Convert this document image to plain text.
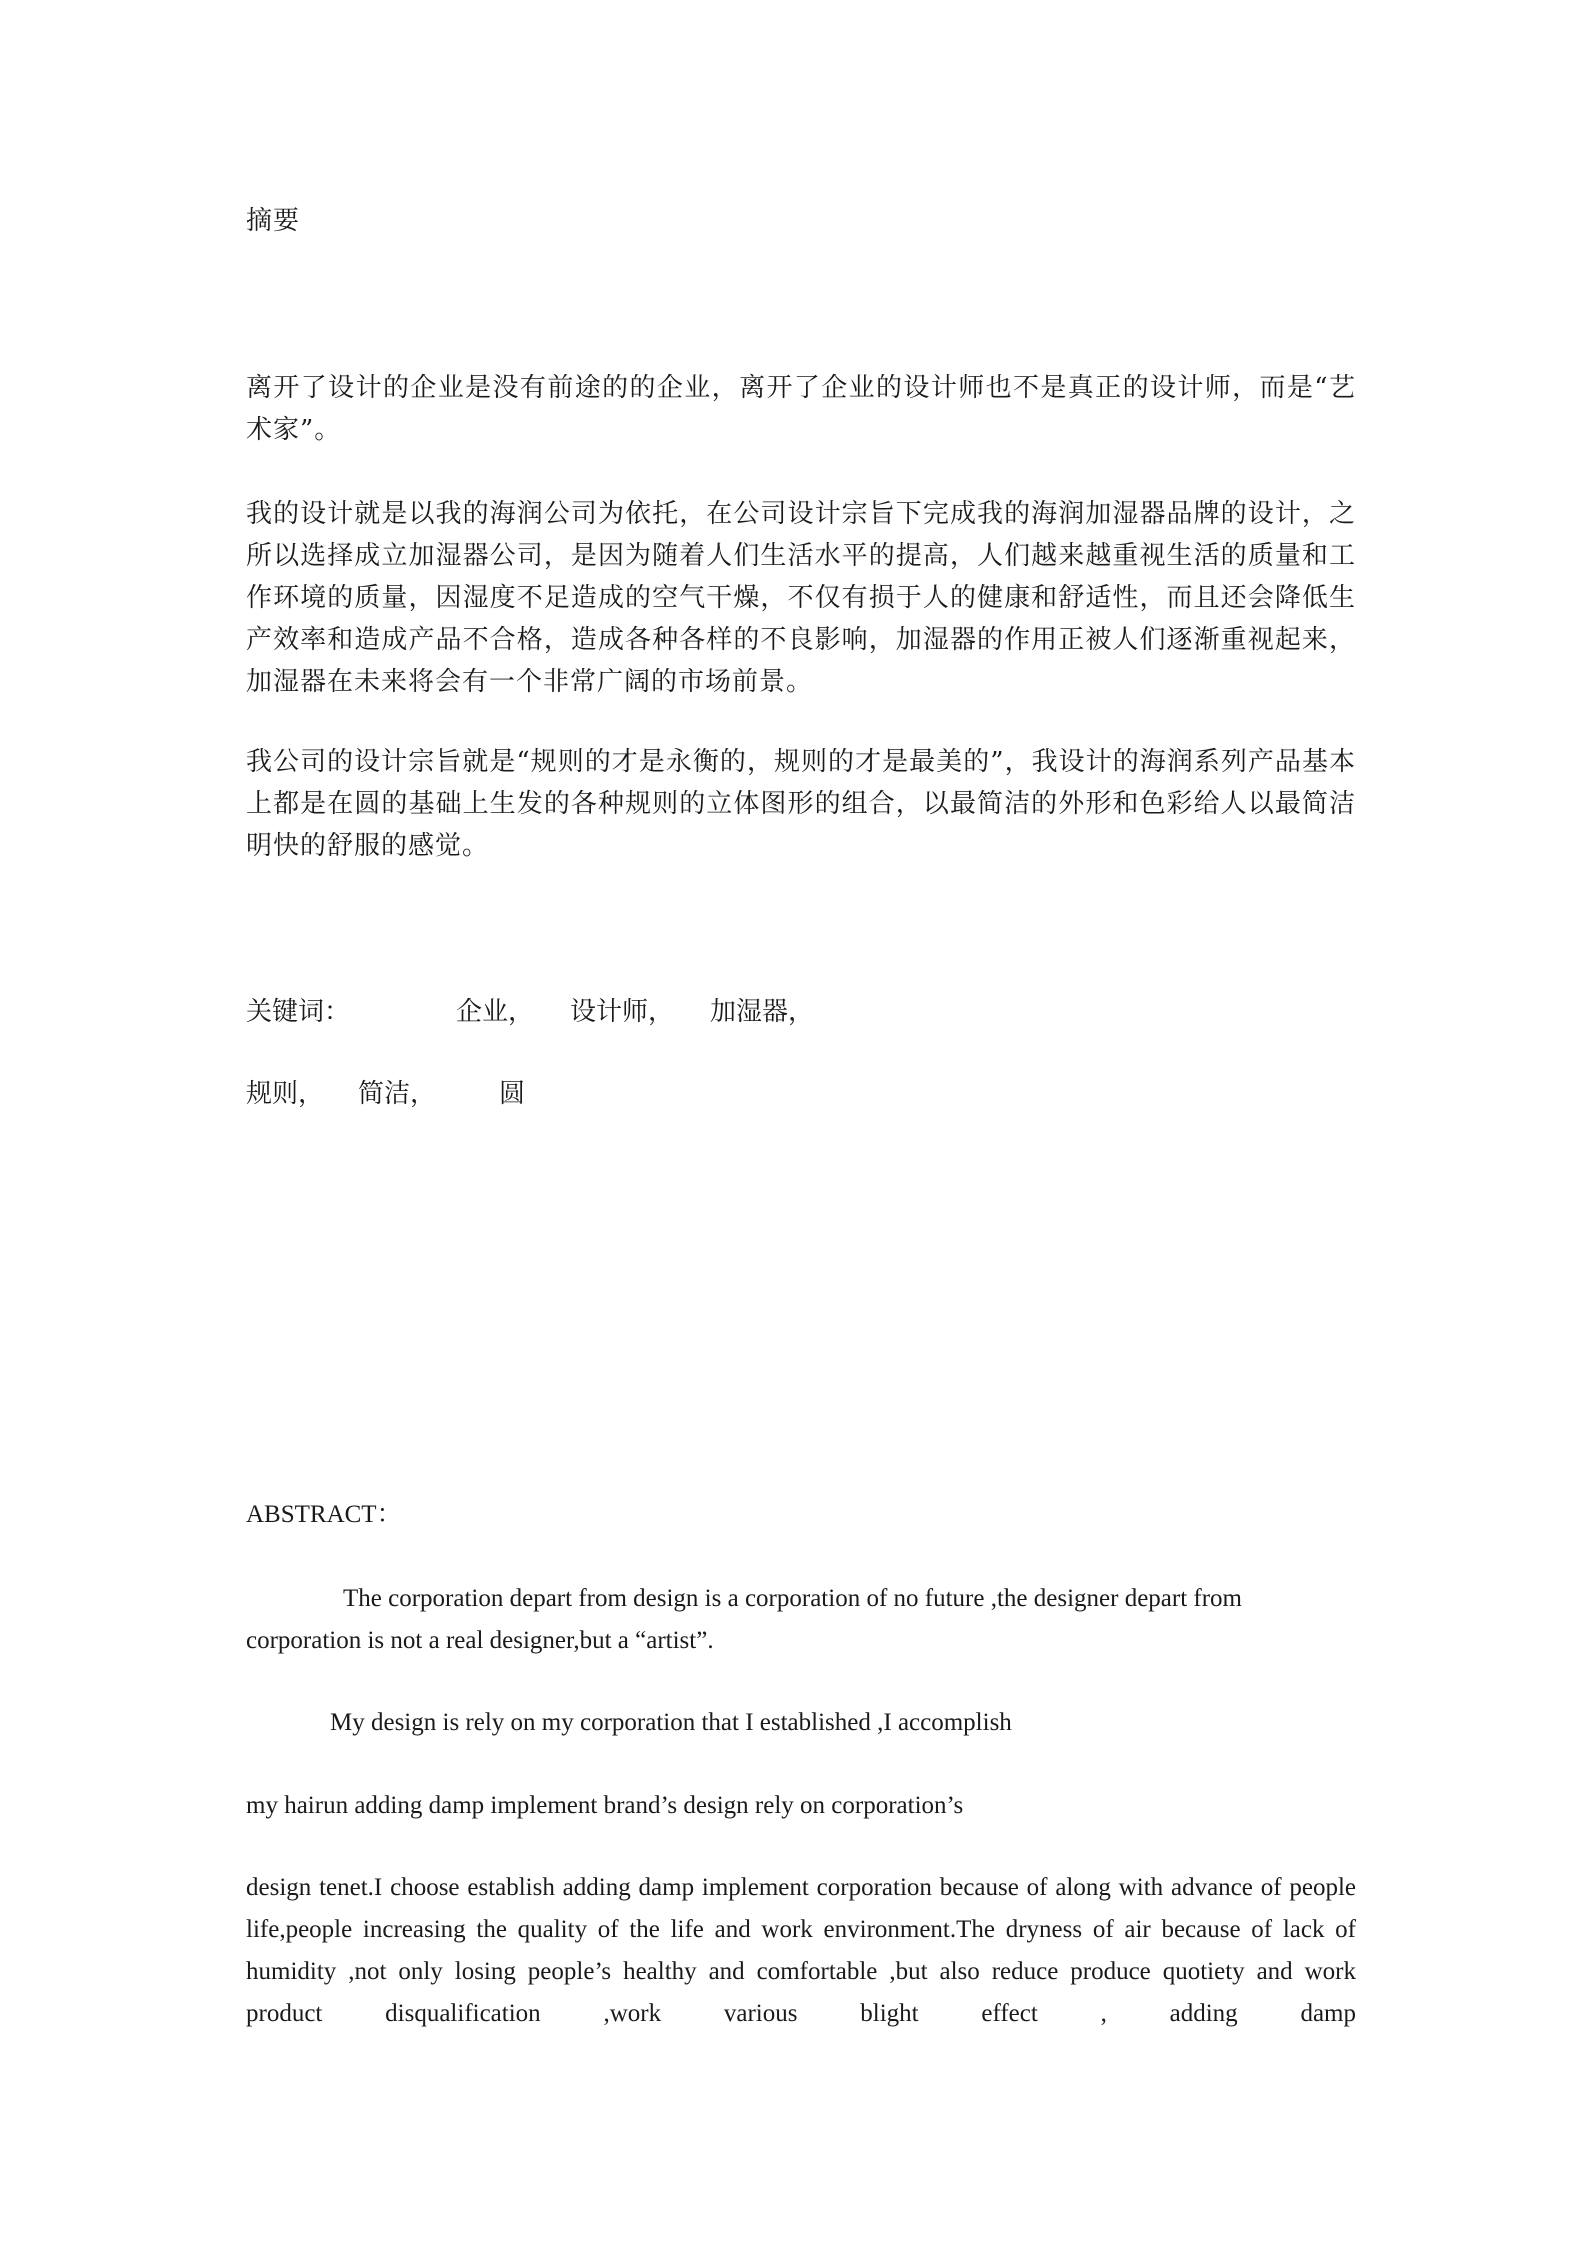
摘要

离开了设计的企业是没有前途的的企业，离开了企业的设计师也不是真正的设计师，而是“艺术家”。

我的设计就是以我的海润公司为依托，在公司设计宗旨下完成我的海润加湿器品牌的设计，之所以选择成立加湿器公司，是因为随着人们生活水平的提高，人们越来越重视生活的质量和工作环境的质量，因湿度不足造成的空气干燥，不仅有损于人的健康和舒适性，而且还会降低生产效率和造成产品不合格，造成各种各样的不良影响，加湿器的作用正被人们逐渐重视起来，加湿器在未来将会有一个非常广阔的市场前景。

我公司的设计宗旨就是“规则的才是永衡的，规则的才是最美的”，我设计的海润系列产品基本上都是在圆的基础上生发的各种规则的立体图形的组合，以最简洁的外形和色彩给人以最简洁明快的舒服的感觉。

关键词：	企业， 设计师， 加湿器，
规则， 简洁， 圆

ABSTRACT：

The corporation depart from design is a corporation of no future ,the designer depart from corporation is not a real designer,but a “artist”.

My design is rely on my corporation that I established ,I accomplish

my hairun adding damp implement brand’s design rely on corporation’s

design tenet.I choose establish adding damp implement corporation because of along with advance of people life,people increasing the quality of the life and work environment.The dryness of air because of lack of humidity ,not only losing people’s healthy and comfortable ,but also reduce produce quotiety and work product disqualification ,work various blight effect , adding damp
